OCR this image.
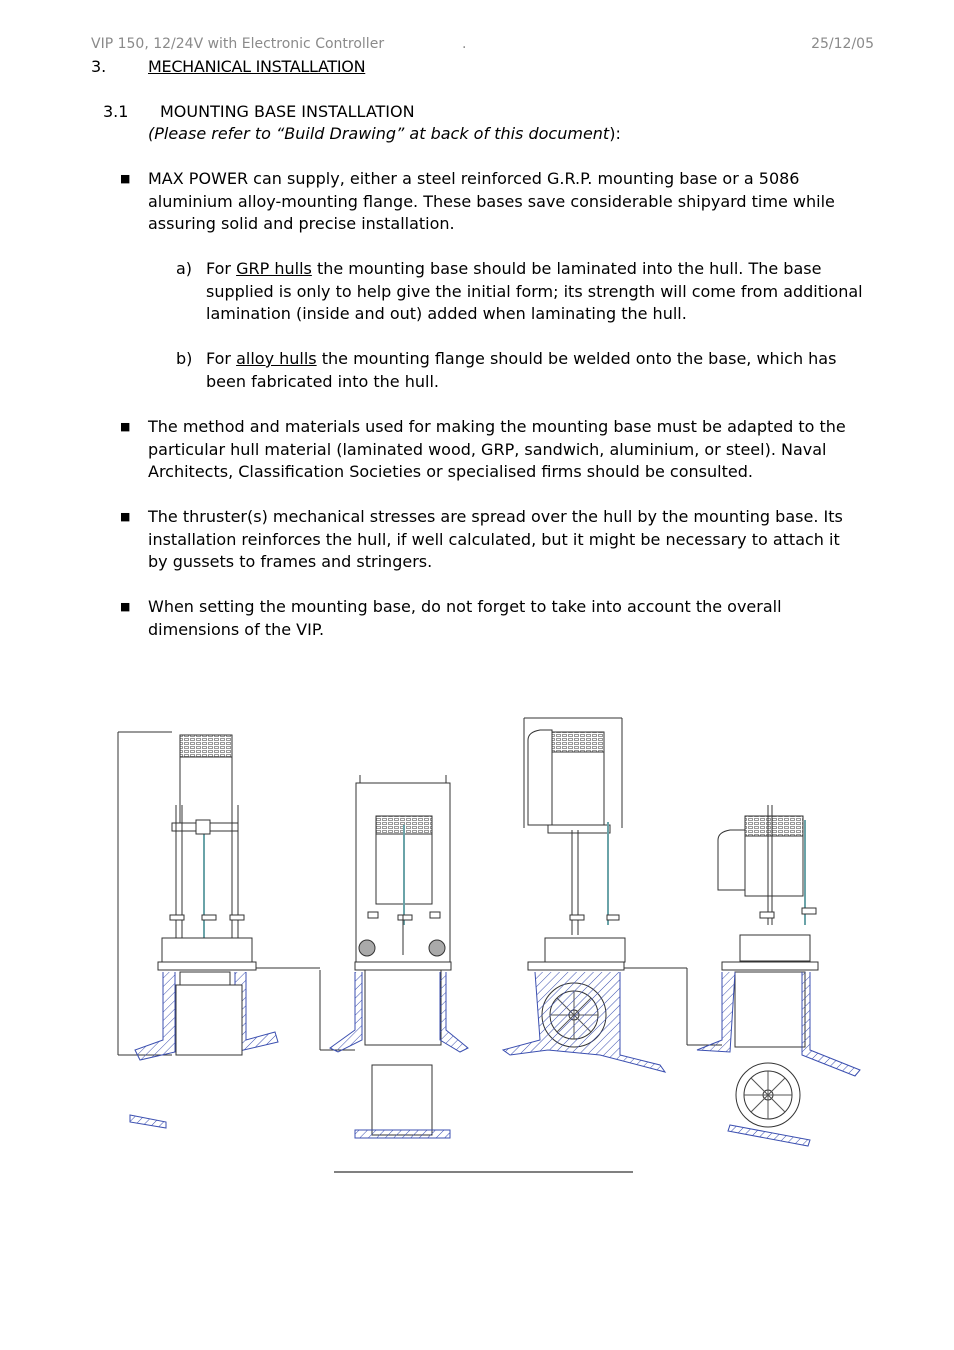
VIP 150, 12/24V with Electronic Controller	.	25/12/05
3.	MECHANICAL INSTALLATION
3.1 MOUNTING BASE INSTALLATION
(Please refer to “Build Drawing” at back of this document):
■ MAX POWER can supply, either a steel reinforced G.R.P. mounting base or a 5086 aluminium alloy-mounting flange. These bases save considerable shipyard time while assuring solid and precise installation.
a) For GRP hulls the mounting base should be laminated into the hull. The base supplied is only to help give the initial form; its strength will come from additional lamination (inside and out) added when laminating the hull.
b) For alloy hulls the mounting flange should be welded onto the base, which has been fabricated into the hull.
■ The method and materials used for making the mounting base must be adapted to the particular hull material (laminated wood, GRP, sandwich, aluminium, or steel). Naval Architects, Classification Societies or specialised firms should be consulted.
■ The thruster(s) mechanical stresses are spread over the hull by the mounting base. Its installation reinforces the hull, if well calculated, but it might be necessary to attach it by gussets to frames and stringers.
■ When setting the mounting base, do not forget to take into account the overall dimensions of the VIP.
